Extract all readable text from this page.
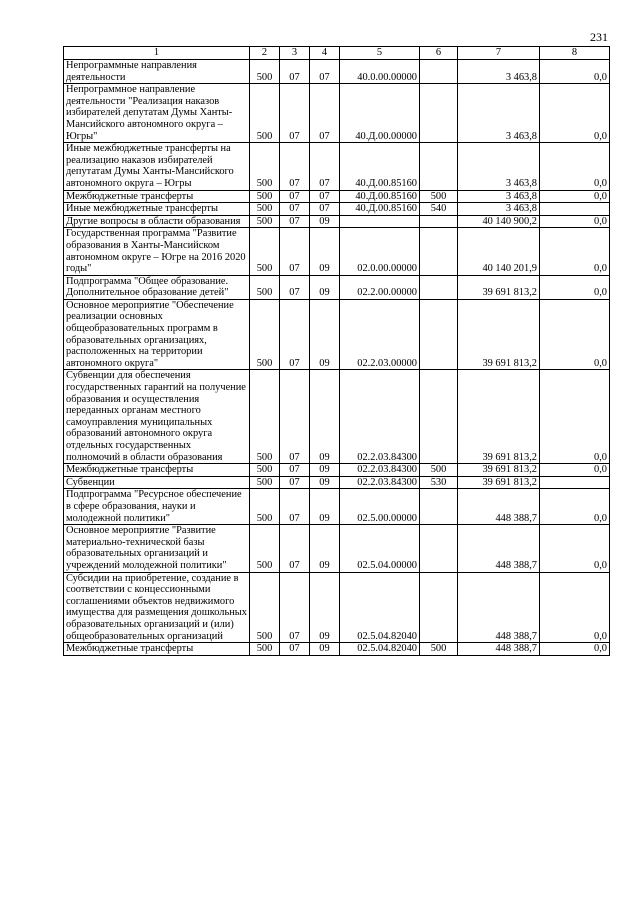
231
1	2	3	4	5	6	7	8
Непрограммные направления деятельности	500	07	07	40.0.00.00000		3 463,8	0,0
Непрограммное направление деятельности "Реализация наказов избирателей депутатам Думы Ханты-Мансийского автономного округа – Югры"	500	07	07	40.Д.00.00000		3 463,8	0,0
Иные межбюджетные трансферты на реализацию наказов избирателей депутатам Думы Ханты-Мансийского автономного округа – Югры	500	07	07	40.Д.00.85160		3 463,8	0,0
Межбюджетные трансферты	500	07	07	40.Д.00.85160	500	3 463,8	0,0
Иные межбюджетные трансферты	500	07	07	40.Д.00.85160	540	3 463,8	
Другие вопросы в области образования	500	07	09			40 140 900,2	0,0
Государственная программа "Развитие образования в Ханты-Мансийском автономном округе – Югре на 2016 2020 годы"	500	07	09	02.0.00.00000		40 140 201,9	0,0
Подпрограмма "Общее образование. Дополнительное образование детей"	500	07	09	02.2.00.00000		39 691 813,2	0,0
Основное мероприятие "Обеспечение реализации основных общеобразовательных программ в образовательных организациях, расположенных на территории автономного округа"	500	07	09	02.2.03.00000		39 691 813,2	0,0
Субвенции для обеспечения государственных гарантий на получение образования и осуществления переданных органам местного самоуправления муниципальных образований автономного округа отдельных государственных полномочий в области образования	500	07	09	02.2.03.84300		39 691 813,2	0,0
Межбюджетные трансферты	500	07	09	02.2.03.84300	500	39 691 813,2	0,0
Субвенции	500	07	09	02.2.03.84300	530	39 691 813,2	
Подпрограмма "Ресурсное обеспечение в сфере образования, науки и молодежной политики"	500	07	09	02.5.00.00000		448 388,7	0,0
Основное мероприятие "Развитие материально-технической базы образовательных организаций и учреждений молодежной политики"	500	07	09	02.5.04.00000		448 388,7	0,0
Субсидии на приобретение, создание в соответствии с концессионными соглашениями объектов недвижимого имущества для размещения дошкольных образовательных организаций и (или) общеобразовательных организаций	500	07	09	02.5.04.82040		448 388,7	0,0
Межбюджетные трансферты	500	07	09	02.5.04.82040	500	448 388,7	0,0
